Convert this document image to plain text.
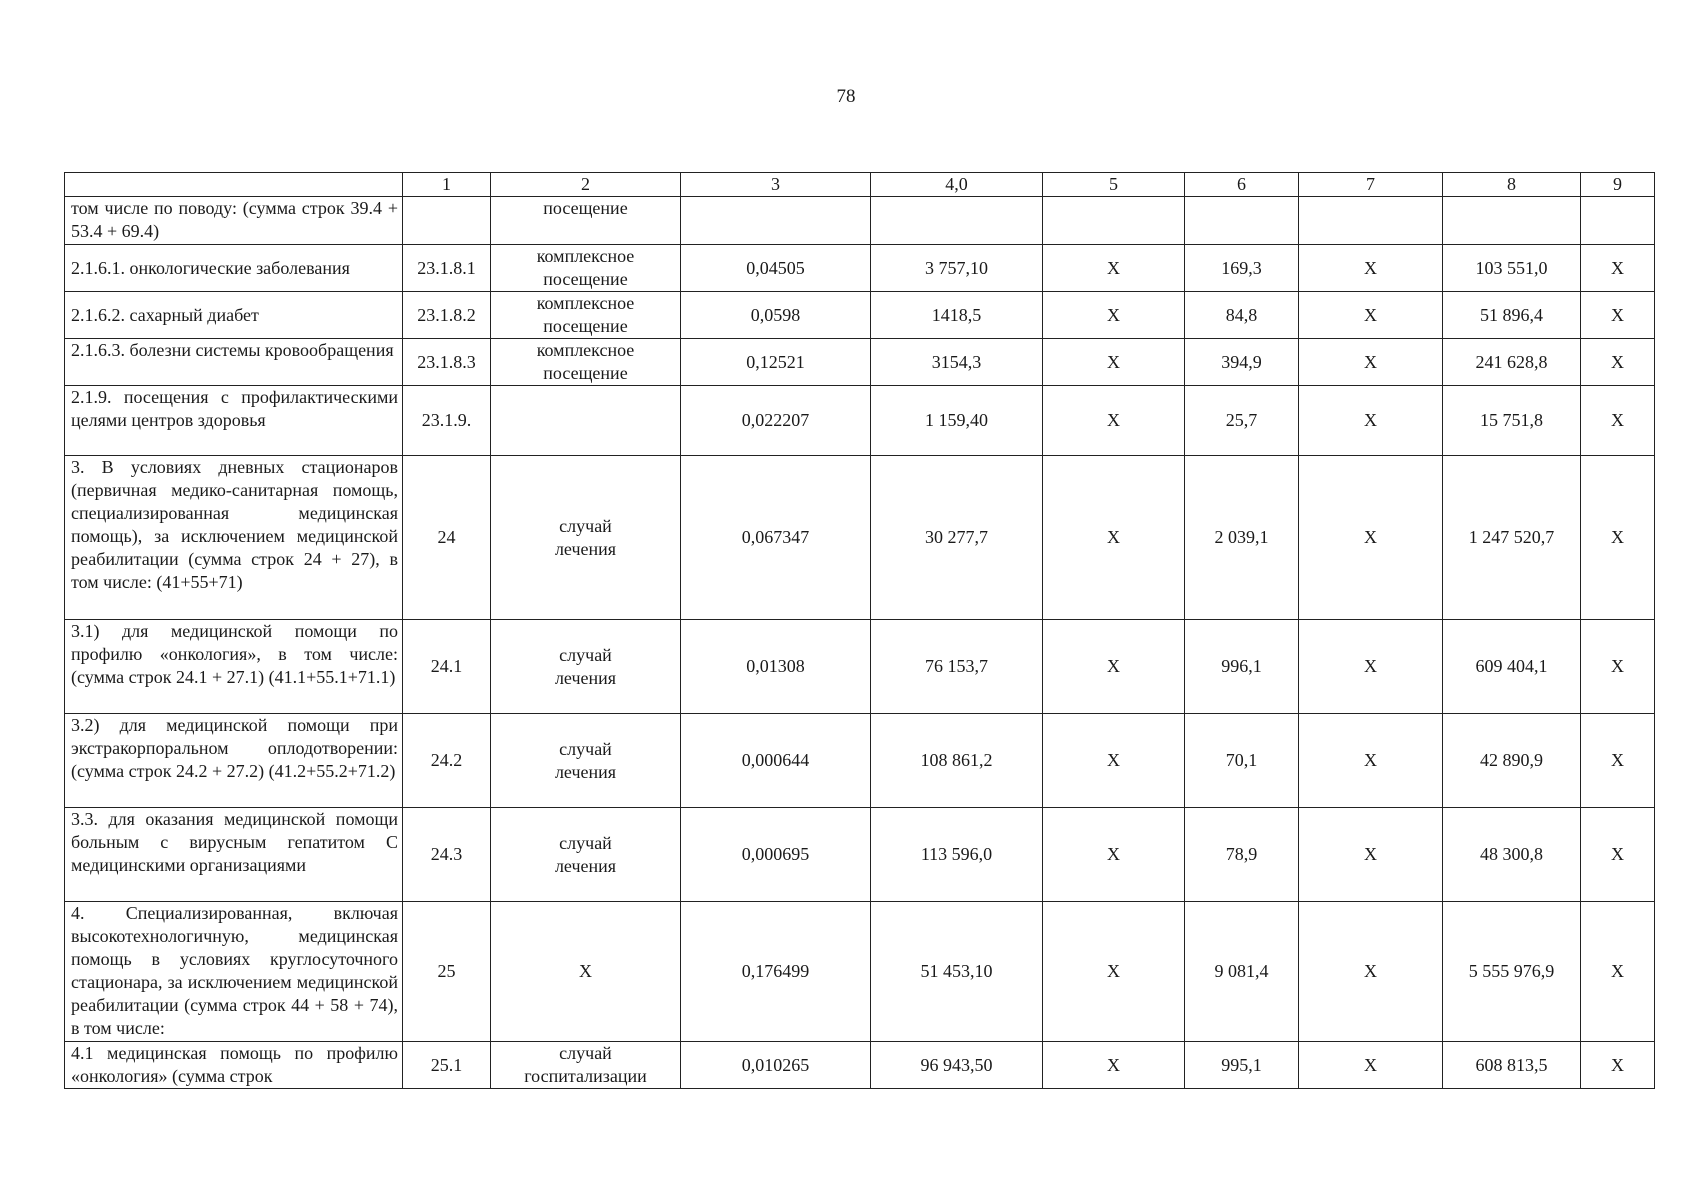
78
	1	2	3	4,0	5	6	7	8	9
том числе по поводу: (сумма строк 39.4 + 53.4 + 69.4)		посещение							
2.1.6.1. онкологические заболевания	23.1.8.1	комплексное посещение	0,04505	3 757,10	X	169,3	X	103 551,0	X
2.1.6.2. сахарный диабет	23.1.8.2	комплексное посещение	0,0598	1418,5	X	84,8	X	51 896,4	X
2.1.6.3. болезни системы кровообращения	23.1.8.3	комплексное посещение	0,12521	3154,3	X	394,9	X	241 628,8	X
2.1.9. посещения с профилактическими целями центров здоровья	23.1.9.		0,022207	1 159,40	X	25,7	X	15 751,8	X
3. В условиях дневных стационаров (первичная медико-санитарная помощь, специализированная медицинская помощь), за исключением медицинской реабилитации (сумма строк 24 + 27), в том числе: (41+55+71)	24	случай лечения	0,067347	30 277,7	X	2 039,1	X	1 247 520,7	X
3.1) для медицинской помощи по профилю «онкология», в том числе: (сумма строк 24.1 + 27.1) (41.1+55.1+71.1)	24.1	случай лечения	0,01308	76 153,7	X	996,1	X	609 404,1	X
3.2) для медицинской помощи при экстракорпоральном оплодотворении: (сумма строк 24.2 + 27.2) (41.2+55.2+71.2)	24.2	случай лечения	0,000644	108 861,2	X	70,1	X	42 890,9	X
3.3. для оказания медицинской помощи больным с вирусным гепатитом С медицинскими организациями	24.3	случай лечения	0,000695	113 596,0	X	78,9	X	48 300,8	X
4. Специализированная, включая высокотехнологичную, медицинская помощь в условиях круглосуточного стационара, за исключением медицинской реабилитации (сумма строк 44 + 58 + 74), в том числе:	25	X	0,176499	51 453,10	X	9 081,4	X	5 555 976,9	X
4.1 медицинская помощь по профилю «онкология» (сумма строк	25.1	случай госпитализации	0,010265	96 943,50	X	995,1	X	608 813,5	X
